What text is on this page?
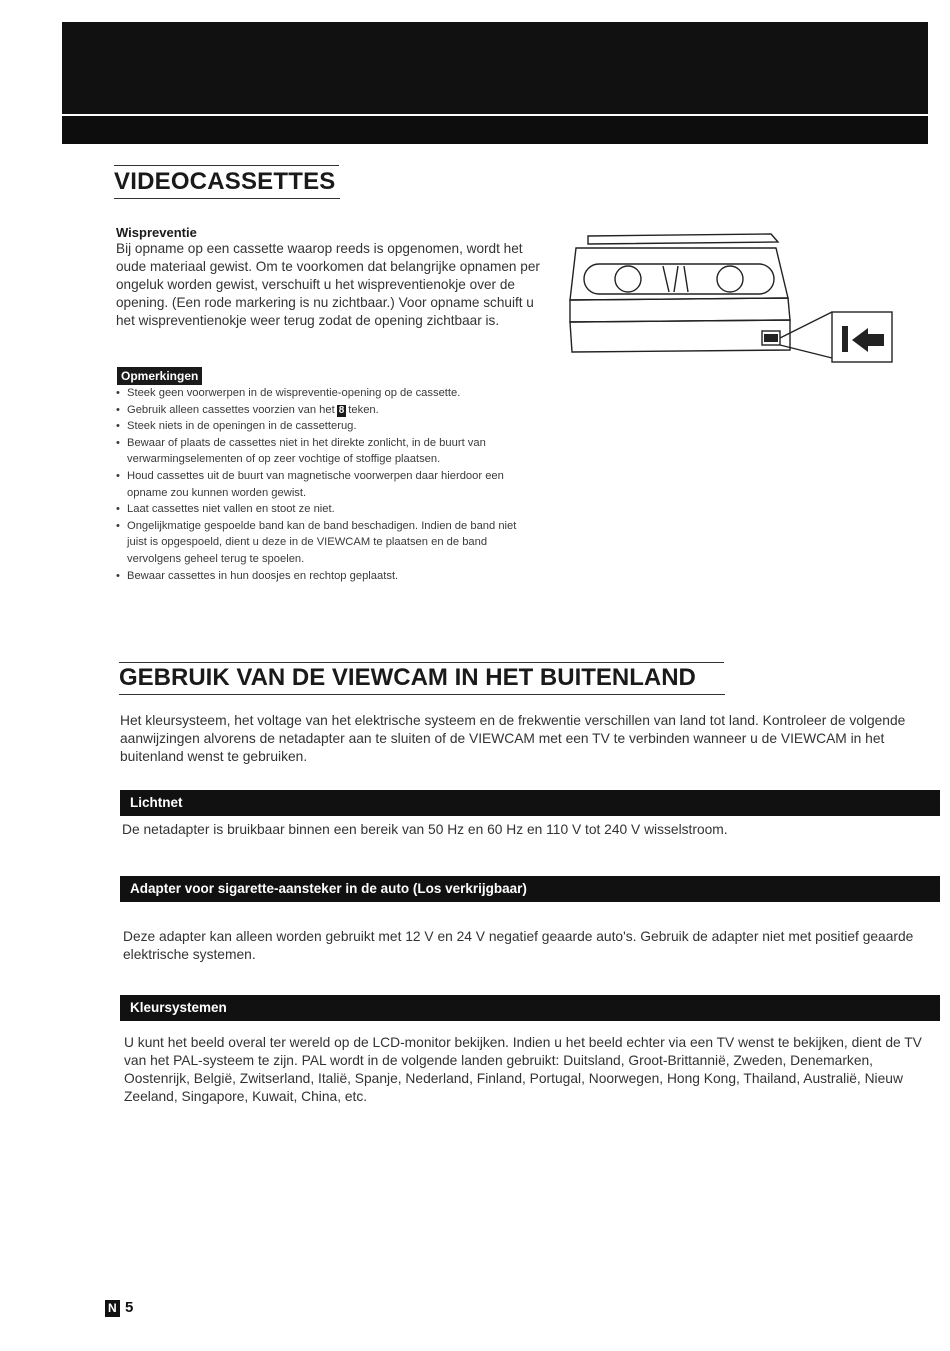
VIDEOCASSETTES
Wispreventie

Bij opname op een cassette waarop reeds is opgenomen, wordt het oude materiaal gewist. Om te voorkomen dat belangrijke opnamen per ongeluk worden gewist, verschuift u het wispreventienokje over de opening. (Een rode markering is nu zichtbaar.) Voor opname schuift u het wispreventienokje weer terug zodat de opening zichtbaar is.

Opmerkingen
• Steek geen voorwerpen in de wispreventie-opening op de cassette.
• Gebruik alleen cassettes voorzien van het 8 teken.
• Steek niets in de openingen in de cassetterug.
• Bewaar of plaats de cassettes niet in het direkte zonlicht, in de buurt van verwarmingselementen of op zeer vochtige of stoffige plaatsen.
• Houd cassettes uit de buurt van magnetische voorwerpen daar hierdoor een opname zou kunnen worden gewist.
• Laat cassettes niet vallen en stoot ze niet.
• Ongelijkmatige gespoelde band kan de band beschadigen. Indien de band niet juist is opgespoeld, dient u deze in de VIEWCAM te plaatsen en de band vervolgens geheel terug te spoelen.
• Bewaar cassettes in hun doosjes en rechtop geplaatst.
GEBRUIK VAN DE VIEWCAM IN HET BUITENLAND

Het kleursysteem, het voltage van het elektrische systeem en de frekwentie verschillen van land tot land. Kontroleer de volgende aanwijzingen alvorens de netadapter aan te sluiten of de VIEWCAM met een TV te verbinden wanneer u de VIEWCAM in het buitenland wenst te gebruiken.

Lichtnet

De netadapter is bruikbaar binnen een bereik van 50 Hz en 60 Hz en 110 V tot 240 V wisselstroom.

Adapter voor sigarette-aansteker in de auto (Los verkrijgbaar)

Deze adapter kan alleen worden gebruikt met 12 V en 24 V negatief geaarde auto's. Gebruik de adapter niet met positief geaarde elektrische systemen.

Kleursystemen

U kunt het beeld overal ter wereld op de LCD-monitor bekijken. Indien u het beeld echter via een TV wenst te bekijken, dient de TV van het PAL-systeem te zijn. PAL wordt in de volgende landen gebruikt: Duitsland, Groot-Brittannië, Zweden, Denemarken, Oostenrijk, België, Zwitserland, Italië, Spanje, Nederland, Finland, Portugal, Noorwegen, Hong Kong, Thailand, Australië, Nieuw Zeeland, Singapore, Kuwait, China, etc.

N 5
